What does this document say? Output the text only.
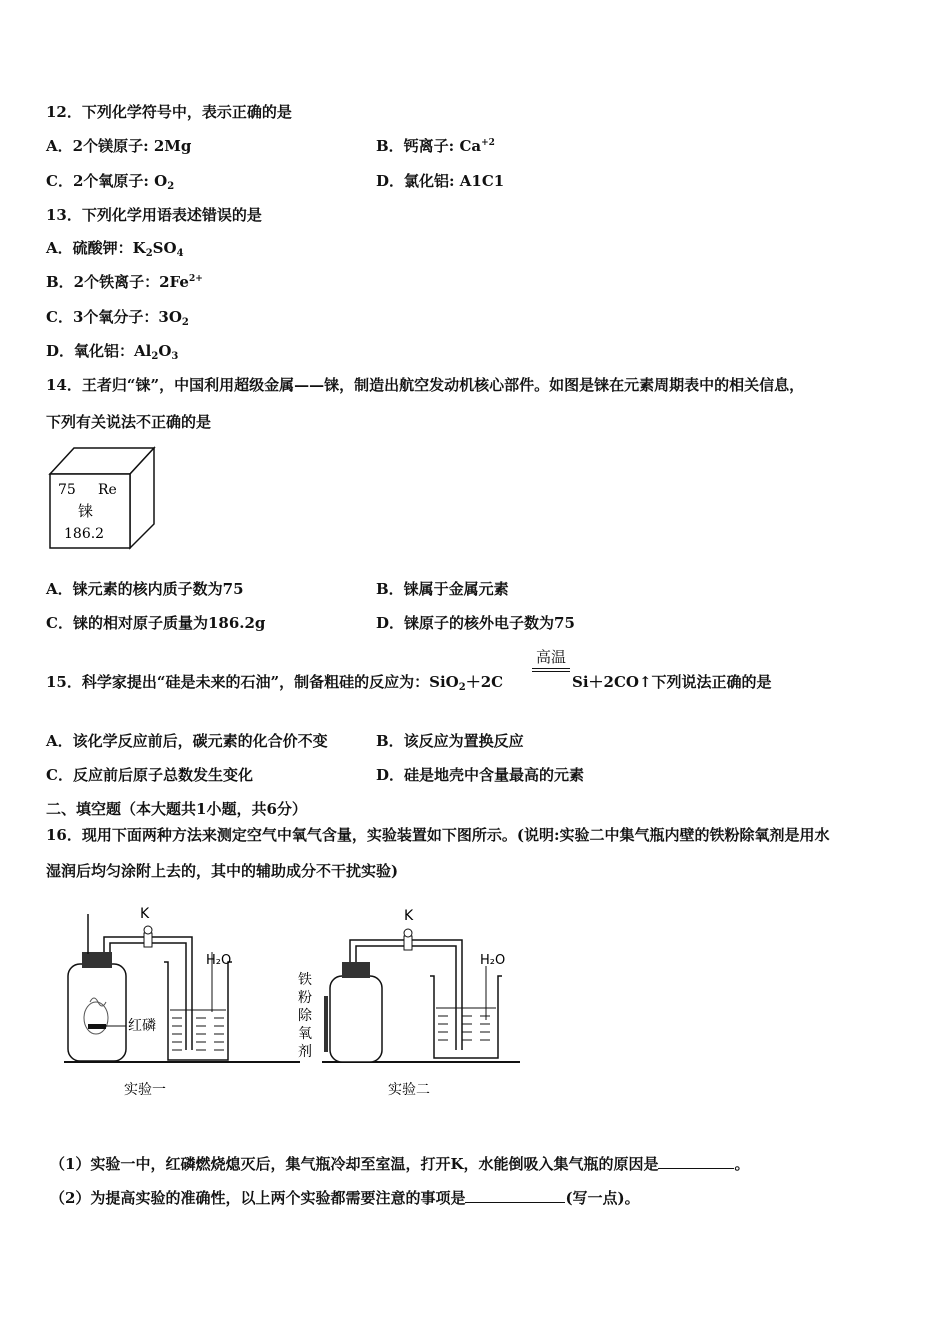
12．下列化学符号中，表示正确的是
A．2个镁原子: 2Mg	B．钙离子: $Ca^{+2}$
C．2个氧原子: $O_2$	D．氯化铝: A1C1
13．下列化学用语表述错误的是
A．硫酸钾：$K_2SO_4$
B．2个铁离子：$2Fe^{2+}$
C．3个氧分子：$3O_2$
D．氧化铝：$Al_2O_3$
14．王者归“铼”，中国利用超级金属——铼，制造出航空发动机核心部件。如图是铼在元素周期表中的相关信息，
下列有关说法不正确的是
75 Re
铼
186.2
A．铼元素的核内质子数为75	B．铼属于金属元素
C．铼的相对原子质量为186.2g	D．铼原子的核外电子数为75
15．科学家提出“硅是未来的石油”，制备粗硅的反应为：SiO$_2$＋2C
高温
Si＋2CO↑下列说法正确的是
A．该化学反应前后，碳元素的化合价不变	B．该反应为置换反应
C．反应前后原子总数发生变化	D．硅是地壳中含量最高的元素
二、填空题（本大题共1小题，共6分）
16．现用下面两种方法来测定空气中氧气含量，实验装置如下图所示。(说明:实验二中集气瓶内壁的铁粉除氧剂是用水
湿润后均匀涂附上去的，其中的辅助成分不干扰实验)
K
H₂O
红磷
实验一
K
H₂O
铁
粉
除
氧
剂
实验二
（1）实验一中，红磷燃烧熄灭后，集气瓶冷却至室温，打开K，水能倒吸入集气瓶的原因是	。
（2）为提高实验的准确性，以上两个实验都需要注意的事项是	(写一点)。
